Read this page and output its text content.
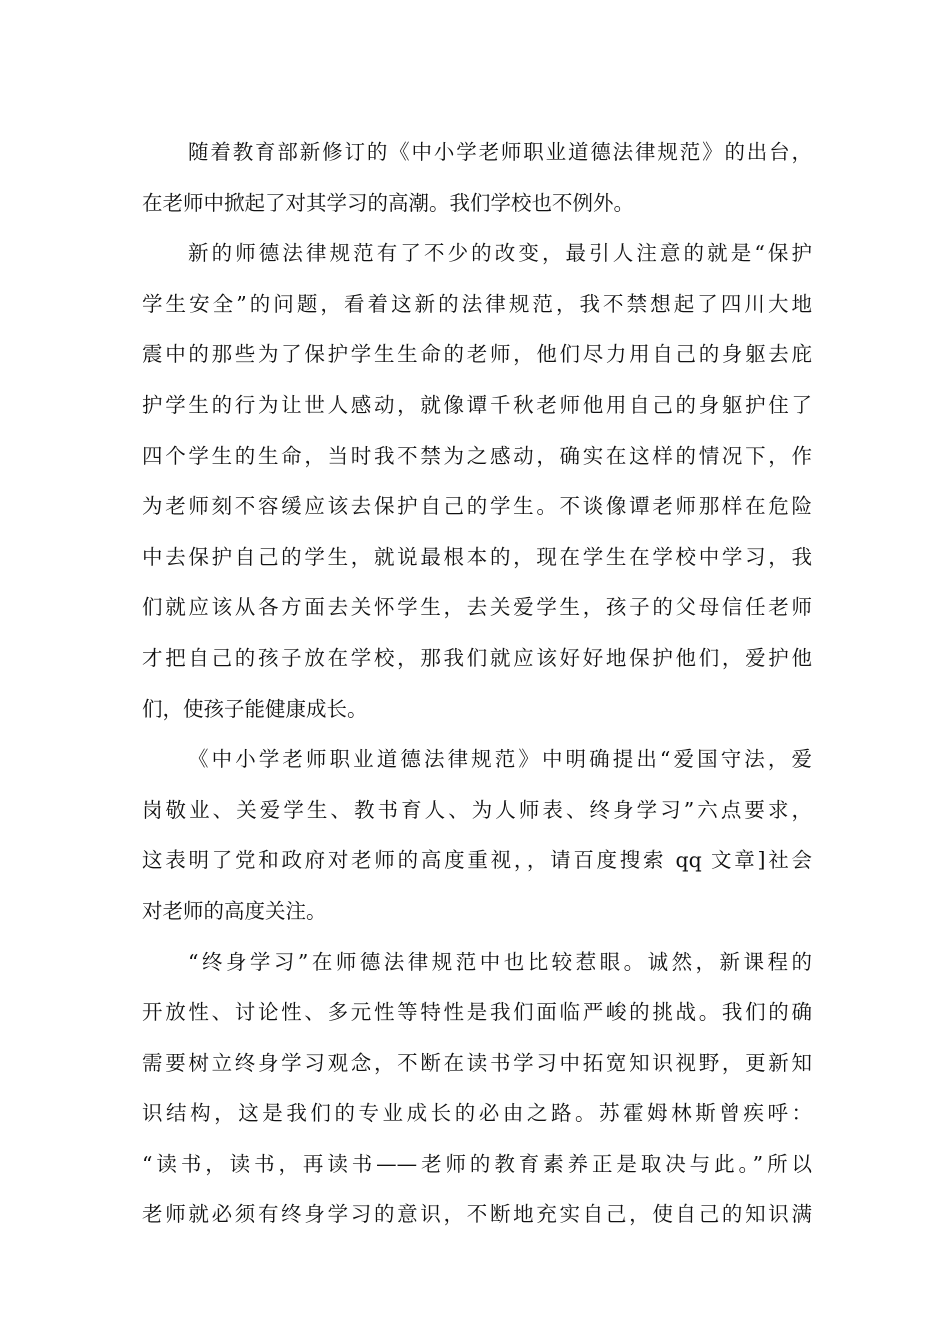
随着教育部新修订的《中小学老师职业道德法律规范》的出台，
在老师中掀起了对其学习的高潮。我们学校也不例外。
新的师德法律规范有了不少的改变，最引人注意的就是“保护
学生安全”的问题，看着这新的法律规范，我不禁想起了四川大地
震中的那些为了保护学生生命的老师，他们尽力用自己的身躯去庇
护学生的行为让世人感动，就像谭千秋老师他用自己的身躯护住了
四个学生的生命，当时我不禁为之感动，确实在这样的情况下，作
为老师刻不容缓应该去保护自己的学生。不谈像谭老师那样在危险
中去保护自己的学生，就说最根本的，现在学生在学校中学习，我
们就应该从各方面去关怀学生，去关爱学生，孩子的父母信任老师
才把自己的孩子放在学校，那我们就应该好好地保护他们，爱护他
们，使孩子能健康成长。
《中小学老师职业道德法律规范》中明确提出“爱国守法，爱
岗敬业、关爱学生、教书育人、为人师表、终身学习”六点要求，
这表明了党和政府对老师的高度重视，，请百度搜索 qq 文章]社会
对老师的高度关注。
“终身学习”在师德法律规范中也比较惹眼。诚然，新课程的
开放性、讨论性、多元性等特性是我们面临严峻的挑战。我们的确
需要树立终身学习观念，不断在读书学习中拓宽知识视野，更新知
识结构，这是我们的专业成长的必由之路。苏霍姆林斯曾疾呼：
“读书，读书，再读书——老师的教育素养正是取决与此。”所以
老师就必须有终身学习的意识，不断地充实自己，使自己的知识满
